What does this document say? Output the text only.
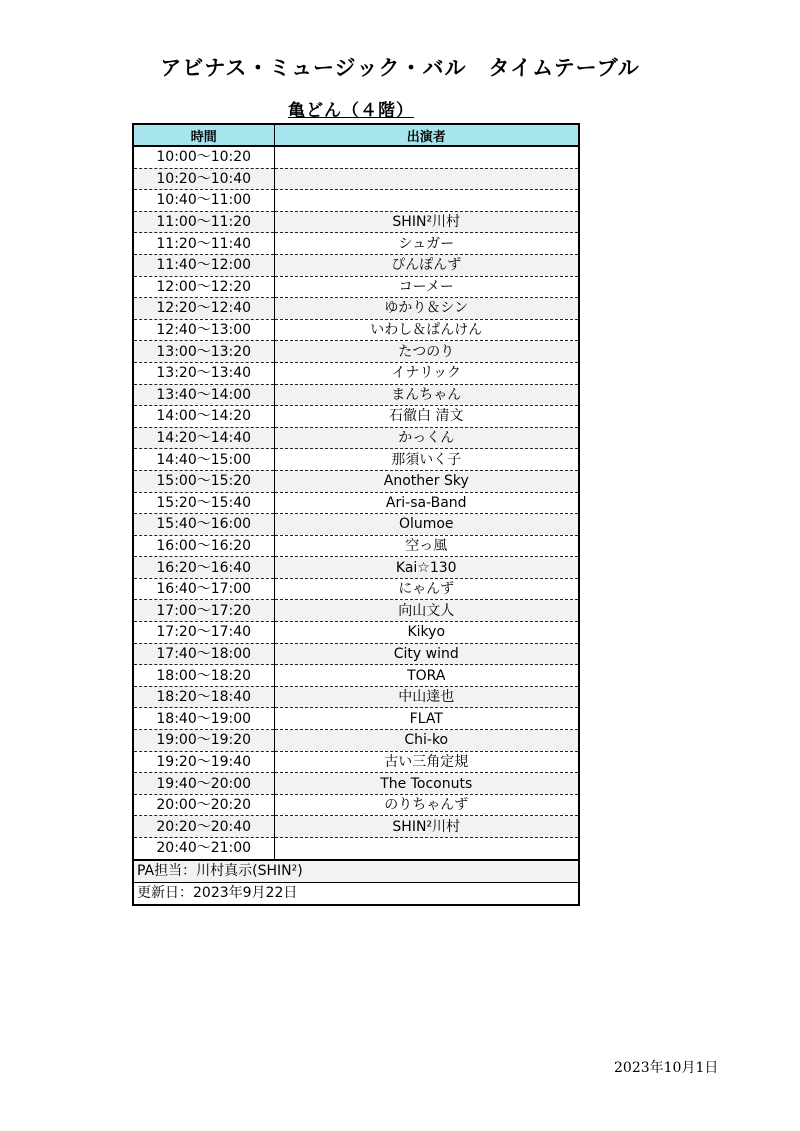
アビナス・ミュージック・バル　タイムテーブル
亀どん（４階）
時間	出演者
10:00〜10:20	
10:20〜10:40	
10:40〜11:00	
11:00〜11:20	SHIN²川村
11:20〜11:40	シュガー
11:40〜12:00	ぴんぽんず
12:00〜12:20	コーメー
12:20〜12:40	ゆかり＆シン
12:40〜13:00	いわし＆ぱんけん
13:00〜13:20	たつのり
13:20〜13:40	イナリック
13:40〜14:00	まんちゃん
14:00〜14:20	石徹白 清文
14:20〜14:40	かっくん
14:40〜15:00	那須いく子
15:00〜15:20	Another Sky
15:20〜15:40	Ari-sa-Band
15:40〜16:00	Olumoe
16:00〜16:20	空っ風
16:20〜16:40	Kai☆130
16:40〜17:00	にゃんず
17:00〜17:20	向山文人
17:20〜17:40	Kikyo
17:40〜18:00	City wind
18:00〜18:20	TORA
18:20〜18:40	中山達也
18:40〜19:00	FLAT
19:00〜19:20	Chi-ko
19:20〜19:40	古い三角定規
19:40〜20:00	The Toconuts
20:00〜20:20	のりちゃんず
20:20〜20:40	SHIN²川村
20:40〜21:00	
PA担当：川村真示(SHIN²)	
更新日：2023年9月22日	
2023年10月1日
